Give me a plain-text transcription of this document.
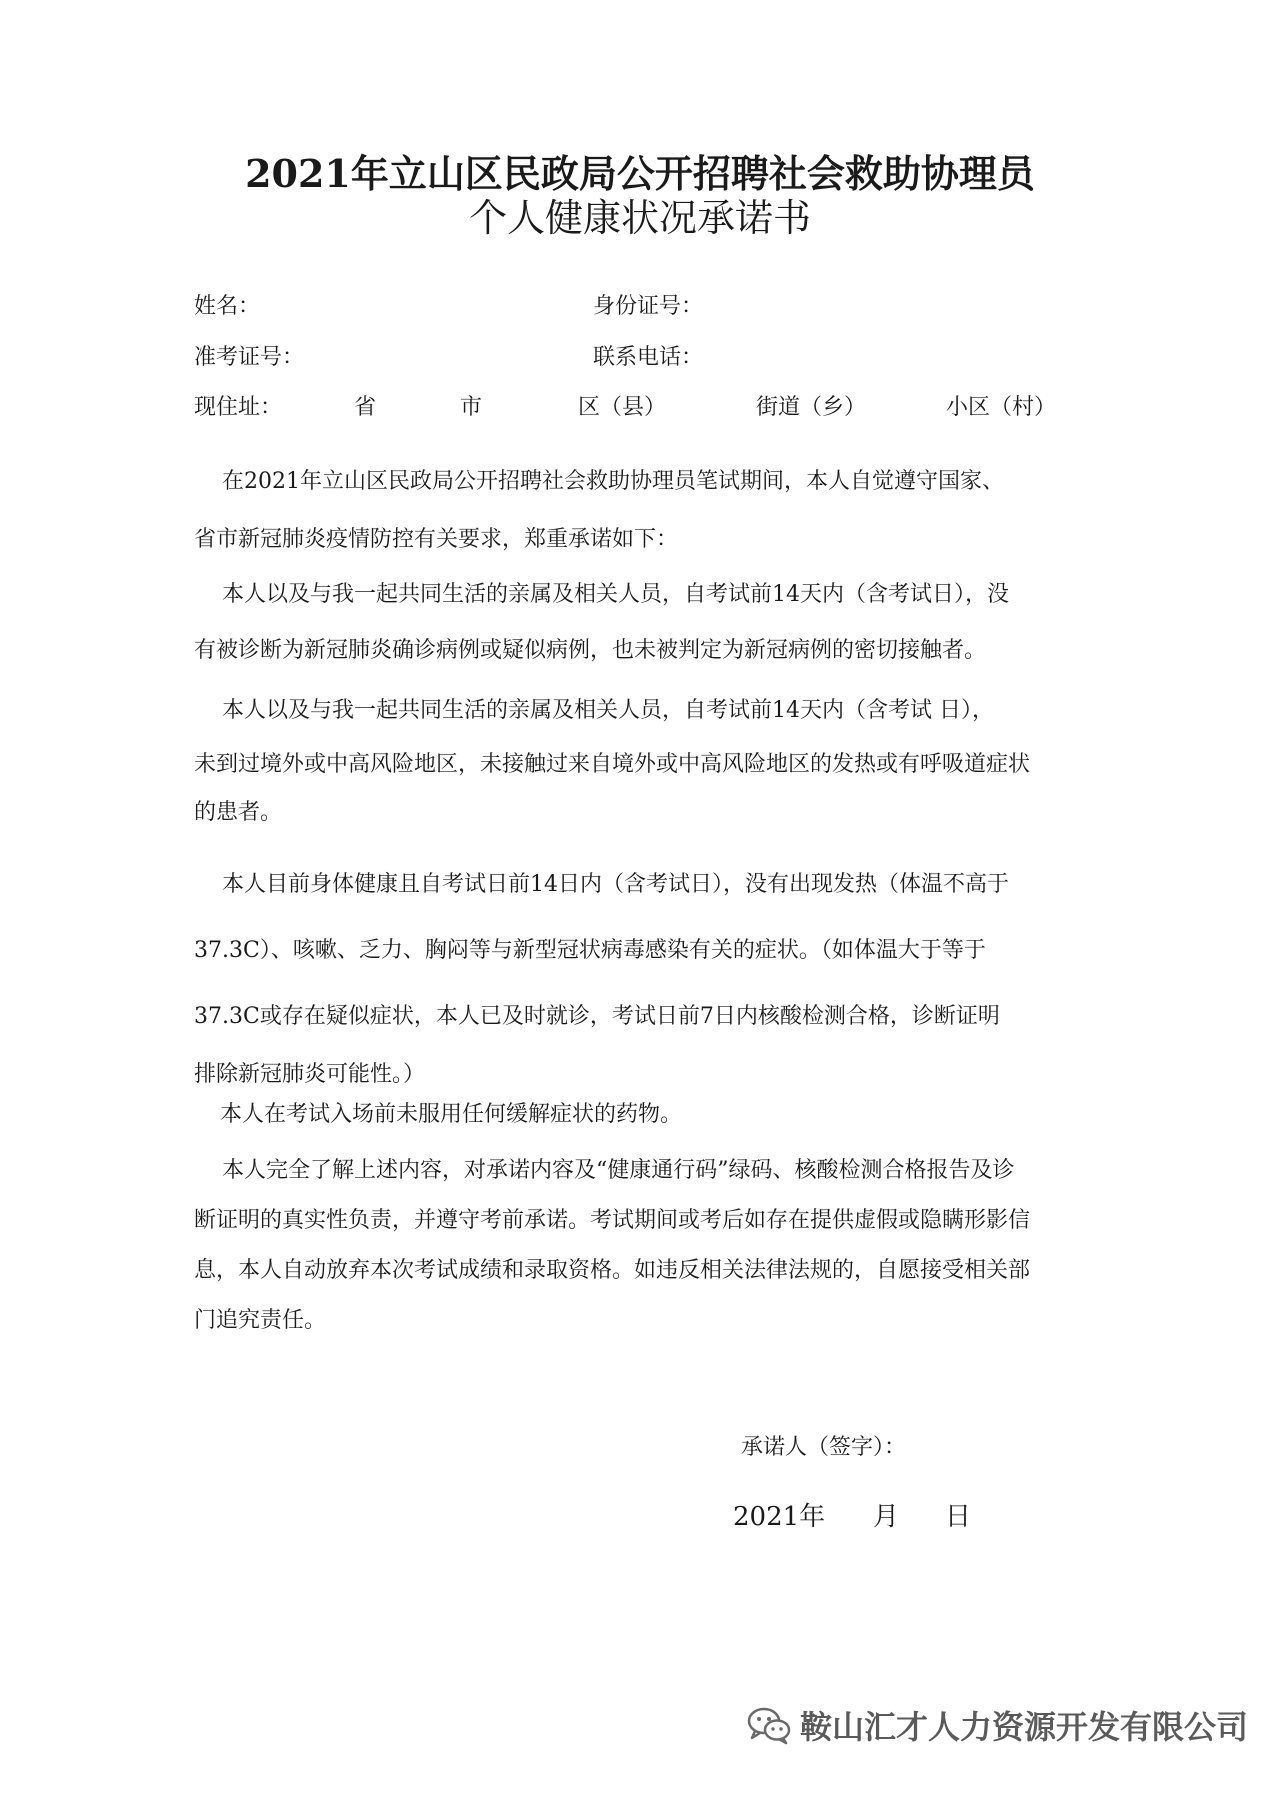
2021年立山区民政局公开招聘社会救助协理员
个人健康状况承诺书
姓名：	身份证号：
准考证号：	联系电话：
现住址：	省	市	区（县）	街道（乡）	小区（村）
在2021年立山区民政局公开招聘社会救助协理员笔试期间，本人自觉遵守国家、
省市新冠肺炎疫情防控有关要求，郑重承诺如下：
本人以及与我一起共同生活的亲属及相关人员，自考试前14天内（含考试日），没
有被诊断为新冠肺炎确诊病例或疑似病例，也未被判定为新冠病例的密切接触者。
本人以及与我一起共同生活的亲属及相关人员，自考试前14天内（含考试 日），
未到过境外或中高风险地区，未接触过来自境外或中高风险地区的发热或有呼吸道症状
的患者。
本人目前身体健康且自考试日前14日内（含考试日），没有出现发热（体温不高于
37.3C）、咳嗽、乏力、胸闷等与新型冠状病毒感染有关的症状。（如体温大于等于
37.3C或存在疑似症状，本人已及时就诊，考试日前7日内核酸检测合格，诊断证明
排除新冠肺炎可能性。）
本人在考试入场前未服用任何缓解症状的药物。
本人完全了解上述内容，对承诺内容及“健康通行码”绿码、核酸检测合格报告及诊
断证明的真实性负责，并遵守考前承诺。考试期间或考后如存在提供虚假或隐瞒形影信
息，本人自动放弃本次考试成绩和录取资格。如违反相关法律法规的，自愿接受相关部
门追究责任。
承诺人（签字）：
2021年 月 日
鞍山汇才人力资源开发有限公司
